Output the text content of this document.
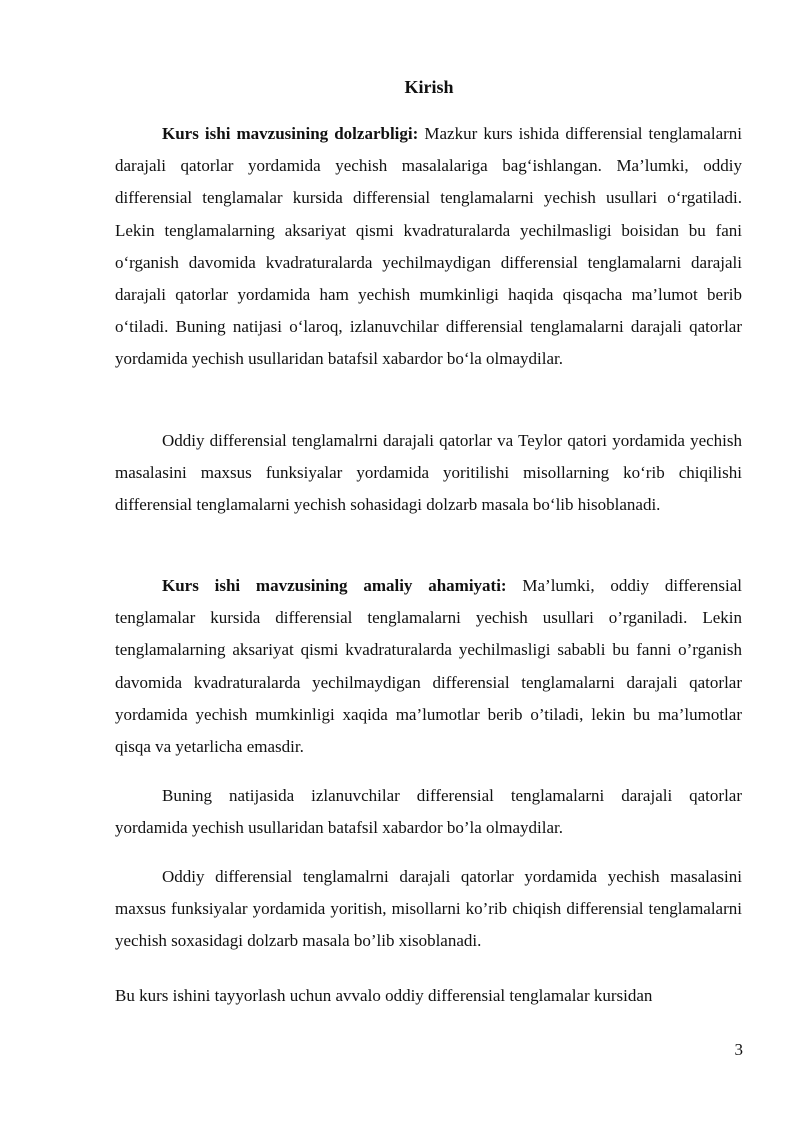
Kirish

Kurs ishi mavzusining dolzarbligi: Mazkur kurs ishida differensial tenglamalarni darajali qatorlar yordamida yechish masalalariga bag‘ishlangan. Ma’lumki, oddiy differensial tenglamalar kursida differensial tenglamalarni yechish usullari o‘rgatiladi. Lekin tenglamalarning aksariyat qismi kvadraturalarda yechilmasligi boisidan bu fani o‘rganish davomida kvadraturalarda yechilmaydigan differensial tenglamalarni darajali darajali qatorlar yordamida ham yechish mumkinligi haqida qisqacha ma’lumot berib o‘tiladi. Buning natijasi o‘laroq, izlanuvchilar differensial tenglamalarni darajali qatorlar yordamida yechish usullaridan batafsil xabardor bo‘la olmaydilar.

Oddiy differensial tenglamalrni darajali qatorlar va Teylor qatori yordamida yechish masalasini maxsus funksiyalar yordamida yoritilishi misollarning ko‘rib chiqilishi differensial tenglamalarni yechish sohasidagi dolzarb masala bo‘lib hisoblanadi.

Kurs ishi mavzusining amaliy ahamiyati: Ma’lumki, oddiy differensial tenglamalar kursida differensial tenglamalarni yechish usullari o’rganiladi. Lekin tenglamalarning aksariyat qismi kvadraturalarda yechilmasligi sababli bu fanni o’rganish davomida kvadraturalarda yechilmaydigan differensial tenglamalarni darajali qatorlar yordamida yechish mumkinligi xaqida ma’lumotlar berib o’tiladi, lekin bu ma’lumotlar qisqa va yetarlicha emasdir.

Buning natijasida izlanuvchilar differensial tenglamalarni darajali qatorlar yordamida yechish usullaridan batafsil xabardor bo’la olmaydilar.

Oddiy differensial tenglamalrni darajali qatorlar yordamida yechish masalasini maxsus funksiyalar yordamida yoritish, misollarni ko’rib chiqish differensial tenglamalarni yechish soxasidagi dolzarb masala bo’lib xisoblanadi.

Bu kurs ishini tayyorlash uchun avvalo oddiy differensial tenglamalar kursidan

3
